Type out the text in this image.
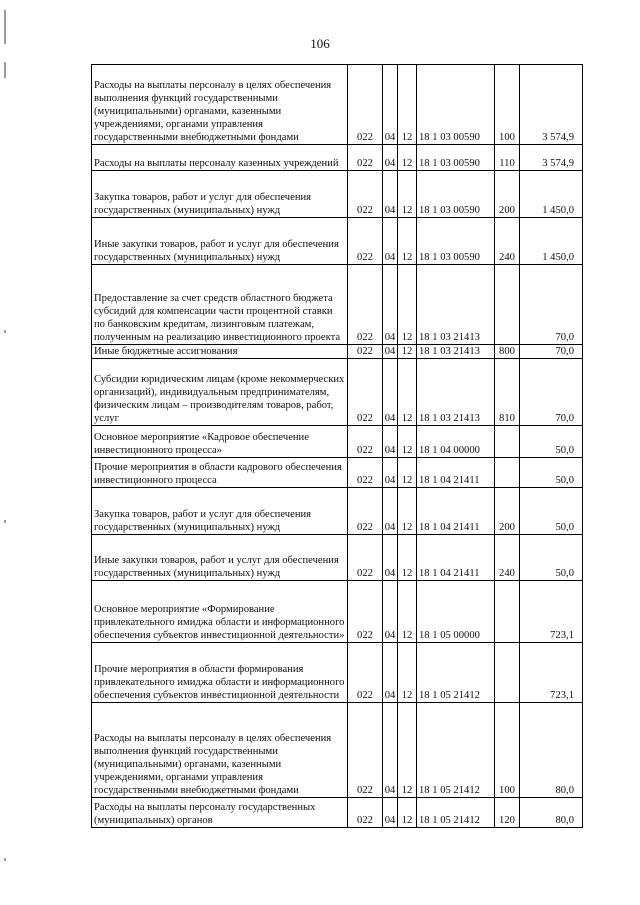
106
Расходы на выплаты персоналу в целях обеспечения выполнения функций государственными (муниципальными) органами, казенными учреждениями, органами управления государственными внебюджетными фондами	022	04	12	18 1 03 00590	100	3 574,9
Расходы на выплаты персоналу казенных учреждений	022	04	12	18 1 03 00590	110	3 574,9
Закупка товаров, работ и услуг для обеспечения государственных (муниципальных) нужд	022	04	12	18 1 03 00590	200	1 450,0
Иные закупки товаров, работ и услуг для обеспечения государственных (муниципальных) нужд	022	04	12	18 1 03 00590	240	1 450,0
Предоставление за счет средств областного бюджета субсидий для компенсации части процентной ставки по банковским кредитам, лизинговым платежам, полученным на реализацию инвестиционного проекта	022	04	12	18 1 03 21413		70,0
Иные бюджетные ассигнования	022	04	12	18 1 03 21413	800	70,0
Субсидии юридическим лицам (кроме некоммерческих организаций), индивидуальным предпринимателям, физическим лицам – производителям товаров, работ, услуг	022	04	12	18 1 03 21413	810	70,0
Основное мероприятие «Кадровое обеспечение инвестиционного процесса»	022	04	12	18 1 04 00000		50,0
Прочие мероприятия в области кадрового обеспечения инвестиционного процесса	022	04	12	18 1 04 21411		50,0
Закупка товаров, работ и услуг для обеспечения государственных (муниципальных) нужд	022	04	12	18 1 04 21411	200	50,0
Иные закупки товаров, работ и услуг для обеспечения государственных (муниципальных) нужд	022	04	12	18 1 04 21411	240	50,0
Основное мероприятие «Формирование привлекательного имиджа области и информационного обеспечения субъектов инвестиционной деятельности»	022	04	12	18 1 05 00000		723,1
Прочие мероприятия в области формирования привлекательного имиджа области и информационного обеспечения субъектов инвестиционной деятельности	022	04	12	18 1 05 21412		723,1
Расходы на выплаты персоналу в целях обеспечения выполнения функций государственными (муниципальными) органами, казенными учреждениями, органами управления государственными внебюджетными фондами	022	04	12	18 1 05 21412	100	80,0
Расходы на выплаты персоналу государственных (муниципальных) органов	022	04	12	18 1 05 21412	120	80,0
